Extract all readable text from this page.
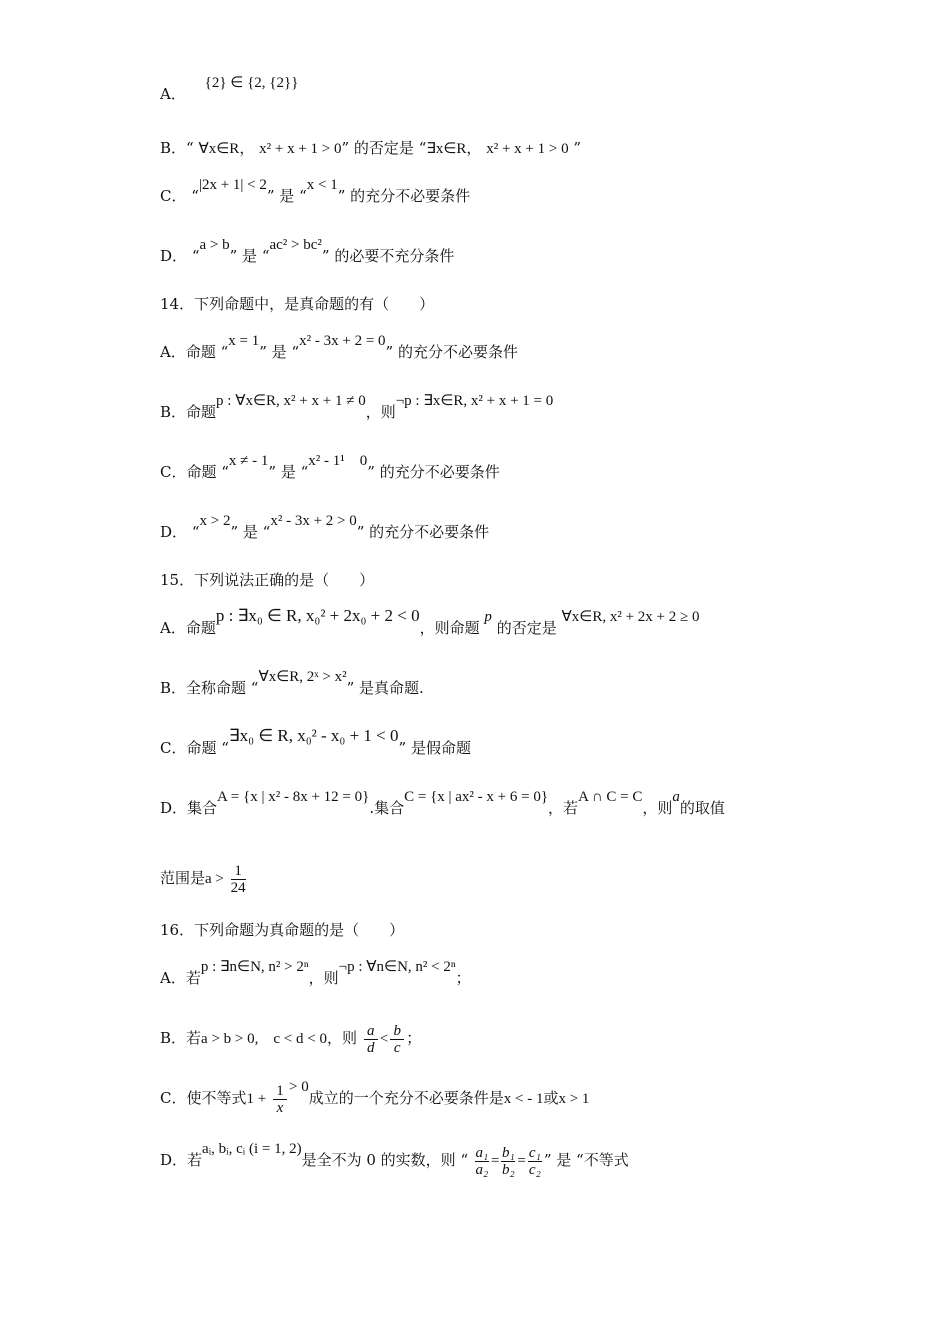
A． {2} ∈ {2, {2}}
B．“ ∀x∈R， x² + x + 1 > 0” 的否定是 “∃x∈R， x² + x + 1 > 0 ”
C． “|2x + 1| < 2” 是 “x < 1” 的充分不必要条件
D． “a > b” 是 “ac² > bc²” 的必要不充分条件
14．下列命题中，是真命题的有（　　）
A．命题 “x = 1” 是 “x² - 3x + 2 = 0” 的充分不必要条件
B．命题p : ∀x∈R, x² + x + 1 ≠ 0，则¬p : ∃x∈R, x² + x + 1 = 0
C．命题 “x ≠ - 1” 是 “x² - 1¹　0” 的充分不必要条件
D． “x > 2” 是 “x² - 3x + 2 > 0” 的充分不必要条件
15．下列说法正确的是（　　）
A．命题p : ∃x₀ ∈ R, x₀² + 2x₀ + 2 < 0，则命题 p 的否定是 ∀x∈R, x² + 2x + 2 ≥ 0
B．全称命题 “∀x∈R, 2ˣ > x²” 是真命题.
C．命题 “∃x₀ ∈ R, x₀² - x₀ + 1 < 0” 是假命题
D．集合A = {x | x² - 8x + 12 = 0}.集合C = {x | ax² - x + 6 = 0}，若A ∩ C = C，则a的取值
范围是$a > \frac{1}{24}$
16．下列命题为真命题的是（　　）
A．若p : ∃n∈N, n² > 2ⁿ，则¬p : ∀n∈N, n² < 2ⁿ；
B．若a > b > 0,　c < d < 0，则 $\frac{a}{d} < \frac{b}{c}$ ；
C．使不等式$1 + \frac{1}{x} > 0$成立的一个充分不必要条件是x < - 1或x > 1
D．若aᵢ, bᵢ, cᵢ (i = 1, 2)是全不为 0 的实数，则 “ $\frac{\text{a₁}}{\text{a₂}} = \frac{\text{b₁}}{\text{b₂}} = \frac{\text{c₁}}{\text{c₂}}$ ” 是 “不等式
